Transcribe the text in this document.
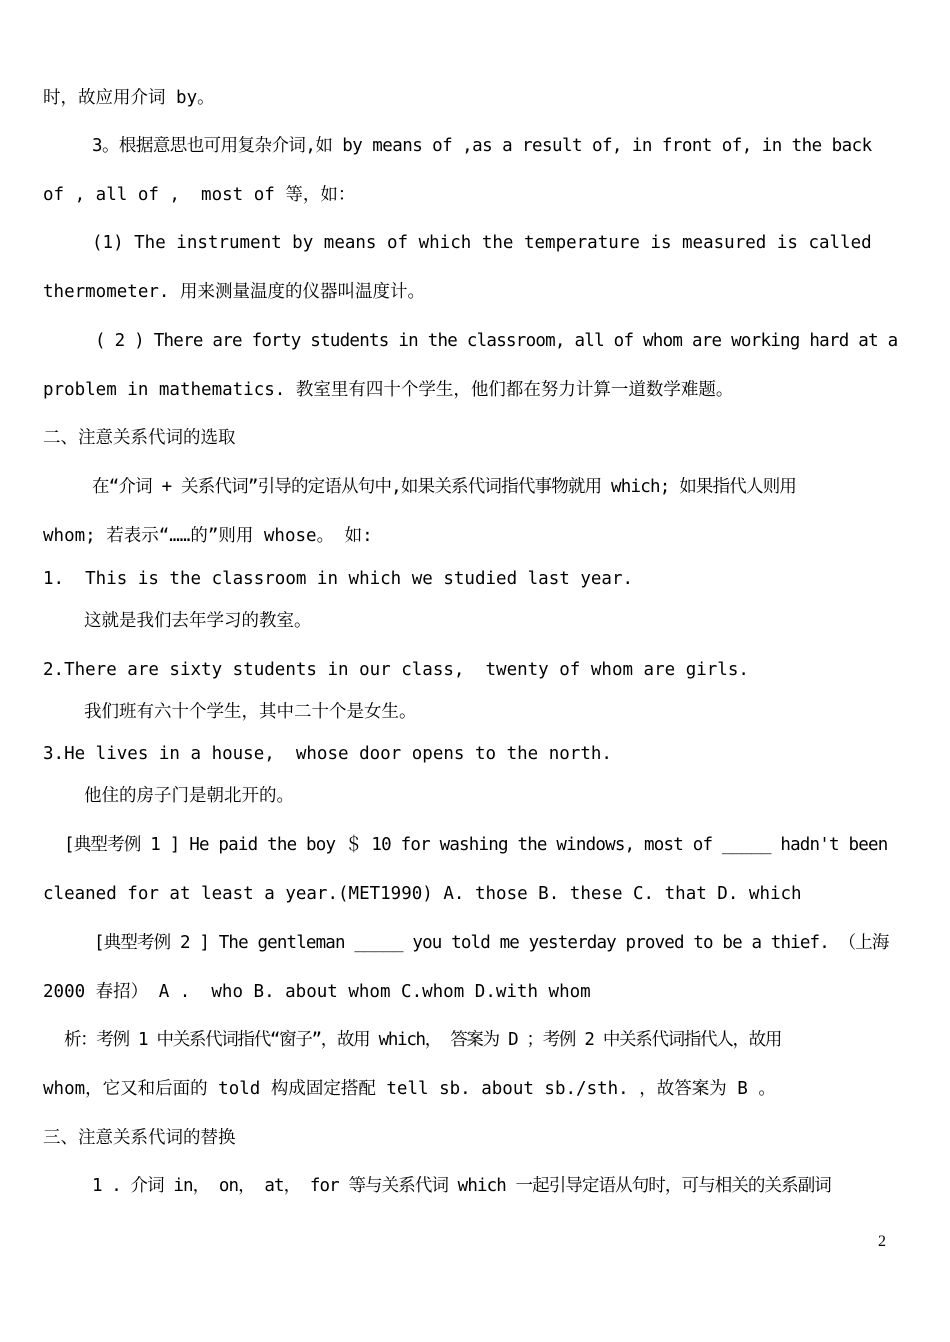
时，故应用介词 by。
3。根据意思也可用复杂介词,如 by means of ,as a result of, in front of, in the back
of , all of ,  most of 等，如：
(1) The instrument by means of which the temperature is measured is called
thermometer. 用来测量温度的仪器叫温度计。
( 2 ) There are forty students in the classroom, all of whom are working hard at a
problem in mathematics. 教室里有四十个学生，他们都在努力计算一道数学难题。
二、注意关系代词的选取
在“介词 + 关系代词”引导的定语从句中,如果关系代词指代事物就用 which; 如果指代人则用
whom; 若表示“……的”则用 whose。 如:
1.  This is the classroom in which we studied last year.
这就是我们去年学习的教室。
2.There are sixty students in our class,  twenty of whom are girls.
我们班有六十个学生，其中二十个是女生。
3.He lives in a house,  whose door opens to the north.
他住的房子门是朝北开的。
[典型考例 1 ] He paid the boy ＄ 10 for washing the windows, most of _____ hadn't been
cleaned for at least a year.(MET1990) A. those B. these C. that D. which
[典型考例 2 ] The gentleman _____ you told me yesterday proved to be a thief. （上海
2000 春招） A .  who B. about whom C.whom D.with whom
析：考例 1 中关系代词指代“窗子”，故用 which， 答案为 D ；考例 2 中关系代词指代人，故用
whom，它又和后面的 told 构成固定搭配 tell sb. about sb./sth. ，故答案为 B 。
三、注意关系代词的替换
1 . 介词 in， on， at， for 等与关系代词 which 一起引导定语从句时，可与相关的关系副词
2
